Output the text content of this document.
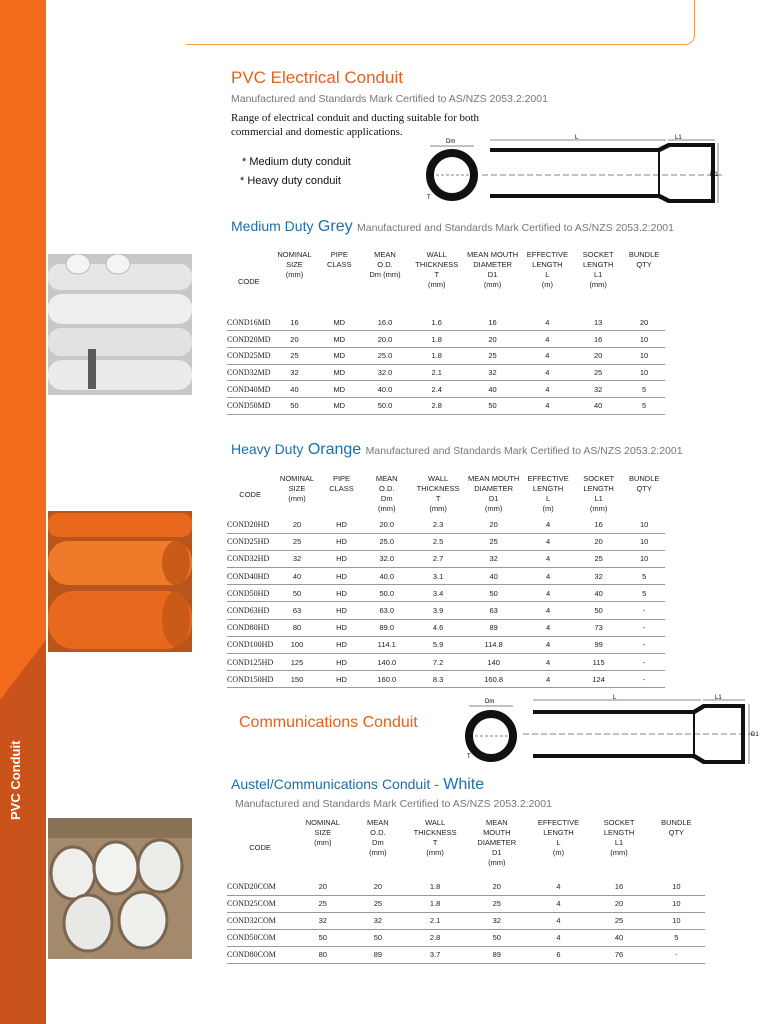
PVC Conduit
PVC Electrical Conduit
Manufactured and Standards Mark Certified to AS/NZS 2053.2:2001
Range of electrical conduit and ducting suitable for both commercial and domestic applications.
* Medium duty conduit
* Heavy duty conduit
Dm
T
L	L1
D1
Medium Duty Grey Manufactured and Standards Mark Certified to AS/NZS 2053.2:2001
CODE	NOMINAL
SIZE
(mm)	PIPE
CLASS	MEAN
O.D.
Dm (mm)	WALL
THICKNESS
T
(mm)	MEAN MOUTH
DIAMETER
D1
(mm)	EFFECTIVE
LENGTH
L
(m)	SOCKET
LENGTH
L1
(mm)	BUNDLE
QTY

COND16MD	16	MD	16.0	1.6	16	4	13	20
COND20MD	20	MD	20.0	1.8	20	4	16	10
COND25MD	25	MD	25.0	1.8	25	4	20	10
COND32MD	32	MD	32.0	2.1	32	4	25	10
COND40MD	40	MD	40.0	2.4	40	4	32	5
COND50MD	50	MD	50.0	2.8	50	4	40	5
Heavy Duty Orange Manufactured and Standards Mark Certified to AS/NZS 2053.2:2001
CODE	NOMINAL
SIZE
(mm)	PIPE
CLASS	MEAN
O.D.
Dm
(mm)	WALL
THICKNESS
T
(mm)	MEAN MOUTH
DIAMETER
D1
(mm)	EFFECTIVE
LENGTH
L
(m)	SOCKET
LENGTH
L1
(mm)	BUNDLE
QTY

COND20HD	20	HD	20.0	2.3	20	4	16	10
COND25HD	25	HD	25.0	2.5	25	4	20	10
COND32HD	32	HD	32.0	2.7	32	4	25	10
COND40HD	40	HD	40.0	3.1	40	4	32	5
COND50HD	50	HD	50.0	3.4	50	4	40	5
COND63HD	63	HD	63.0	3.9	63	4	50	-
COND80HD	80	HD	89.0	4.6	89	4	73	-
COND100HD	100	HD	114.1	5.9	114.8	4	99	-
COND125HD	125	HD	140.0	7.2	140	4	115	-
COND150HD	150	HD	160.0	8.3	160.8	4	124	-
Communications Conduit
Dm
T
L	L1
D1
Austel/Communications Conduit - White
Manufactured and Standards Mark Certified to AS/NZS 2053.2:2001
CODE	NOMINAL
SIZE
(mm)	MEAN
O.D.
Dm
(mm)	WALL
THICKNESS
T
(mm)	MEAN
MOUTH
DIAMETER
D1
(mm)	EFFECTIVE
LENGTH
L
(m)	SOCKET
LENGTH
L1
(mm)	BUNDLE
QTY

COND20COM	20	20	1.8	20	4	16	10
COND25COM	25	25	1.8	25	4	20	10
COND32COM	32	32	2.1	32	4	25	10
COND50COM	50	50	2.8	50	4	40	5
COND80COM	80	89	3.7	89	6	76	-
